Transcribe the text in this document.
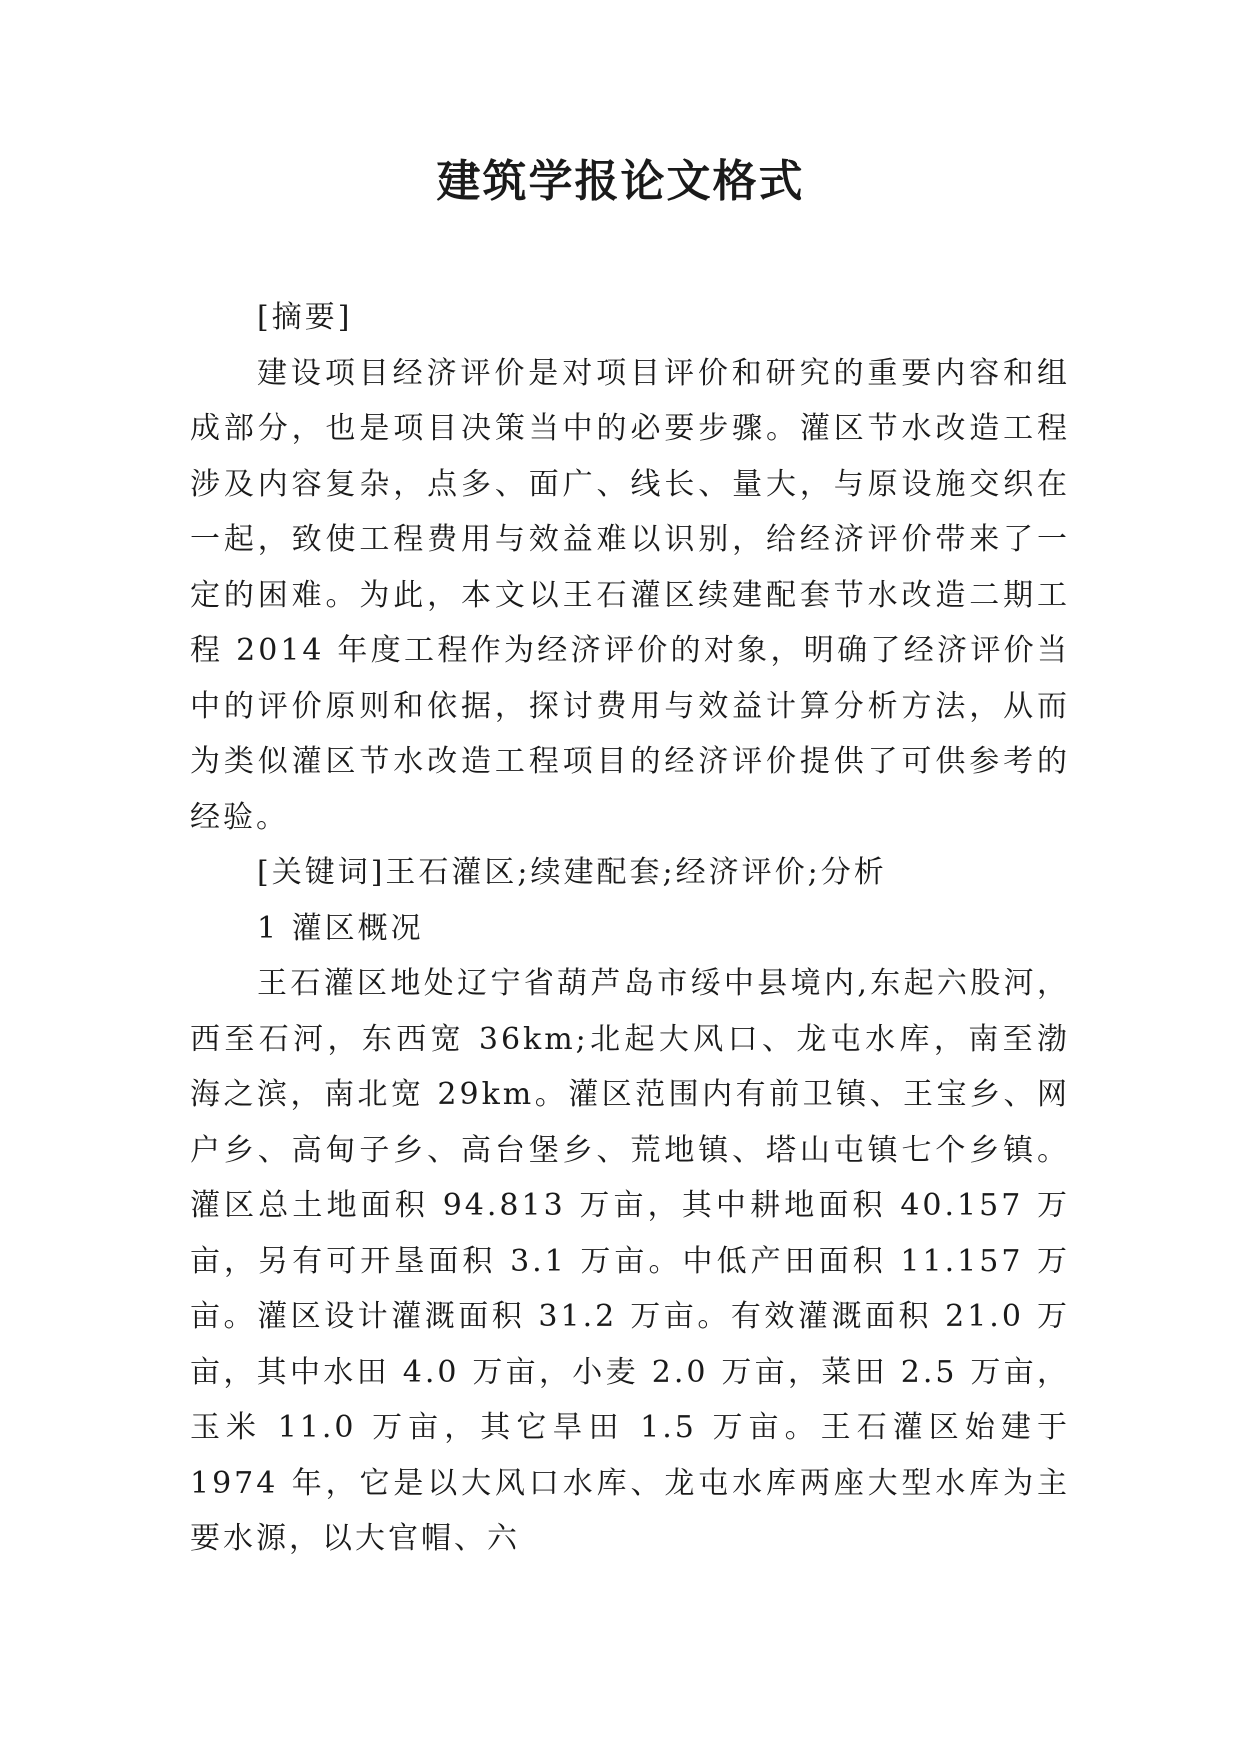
建筑学报论文格式

[摘要]

建设项目经济评价是对项目评价和研究的重要内容和组成部分，也是项目决策当中的必要步骤。灌区节水改造工程涉及内容复杂，点多、面广、线长、量大，与原设施交织在一起，致使工程费用与效益难以识别，给经济评价带来了一定的困难。为此，本文以王石灌区续建配套节水改造二期工程 2014 年度工程作为经济评价的对象，明确了经济评价当中的评价原则和依据，探讨费用与效益计算分析方法，从而为类似灌区节水改造工程项目的经济评价提供了可供参考的经验。

[关键词]王石灌区;续建配套;经济评价;分析

1 灌区概况

王石灌区地处辽宁省葫芦岛市绥中县境内,东起六股河，西至石河，东西宽 36km;北起大风口、龙屯水库，南至渤海之滨，南北宽 29km。灌区范围内有前卫镇、王宝乡、网户乡、高甸子乡、高台堡乡、荒地镇、塔山屯镇七个乡镇。灌区总土地面积 94.813 万亩，其中耕地面积 40.157 万亩，另有可开垦面积 3.1 万亩。中低产田面积 11.157 万亩。灌区设计灌溉面积 31.2 万亩。有效灌溉面积 21.0 万亩，其中水田 4.0 万亩，小麦 2.0 万亩，菜田 2.5 万亩，玉米 11.0 万亩，其它旱田 1.5 万亩。王石灌区始建于 1974 年，它是以大风口水库、龙屯水库两座大型水库为主要水源，以大官帽、六
